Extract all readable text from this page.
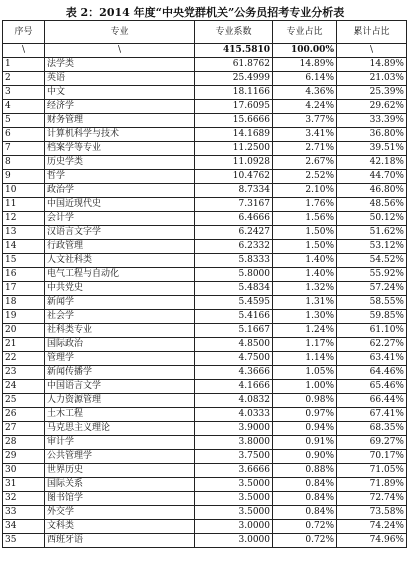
表 2：2014 年度“中央党群机关”公务员招考专业分析表
序号	专业	专业系数	专业占比	累计占比
\	\	415.5810	100.00%	\
1	法学类	61.8762	14.89%	14.89%
2	英语	25.4999	6.14%	21.03%
3	中文	18.1166	4.36%	25.39%
4	经济学	17.6095	4.24%	29.62%
5	财务管理	15.6666	3.77%	33.39%
6	计算机科学与技术	14.1689	3.41%	36.80%
7	档案学等专业	11.2500	2.71%	39.51%
8	历史学类	11.0928	2.67%	42.18%
9	哲学	10.4762	2.52%	44.70%
10	政治学	8.7334	2.10%	46.80%
11	中国近现代史	7.3167	1.76%	48.56%
12	会计学	6.4666	1.56%	50.12%
13	汉语言文字学	6.2427	1.50%	51.62%
14	行政管理	6.2332	1.50%	53.12%
15	人文社科类	5.8333	1.40%	54.52%
16	电气工程与自动化	5.8000	1.40%	55.92%
17	中共党史	5.4834	1.32%	57.24%
18	新闻学	5.4595	1.31%	58.55%
19	社会学	5.4166	1.30%	59.85%
20	社科类专业	5.1667	1.24%	61.10%
21	国际政治	4.8500	1.17%	62.27%
22	管理学	4.7500	1.14%	63.41%
23	新闻传播学	4.3666	1.05%	64.46%
24	中国语言文学	4.1666	1.00%	65.46%
25	人力资源管理	4.0832	0.98%	66.44%
26	土木工程	4.0333	0.97%	67.41%
27	马克思主义理论	3.9000	0.94%	68.35%
28	审计学	3.8000	0.91%	69.27%
29	公共管理学	3.7500	0.90%	70.17%
30	世界历史	3.6666	0.88%	71.05%
31	国际关系	3.5000	0.84%	71.89%
32	图书馆学	3.5000	0.84%	72.74%
33	外交学	3.5000	0.84%	73.58%
34	文科类	3.0000	0.72%	74.24%
35	西班牙语	3.0000	0.72%	74.96%
